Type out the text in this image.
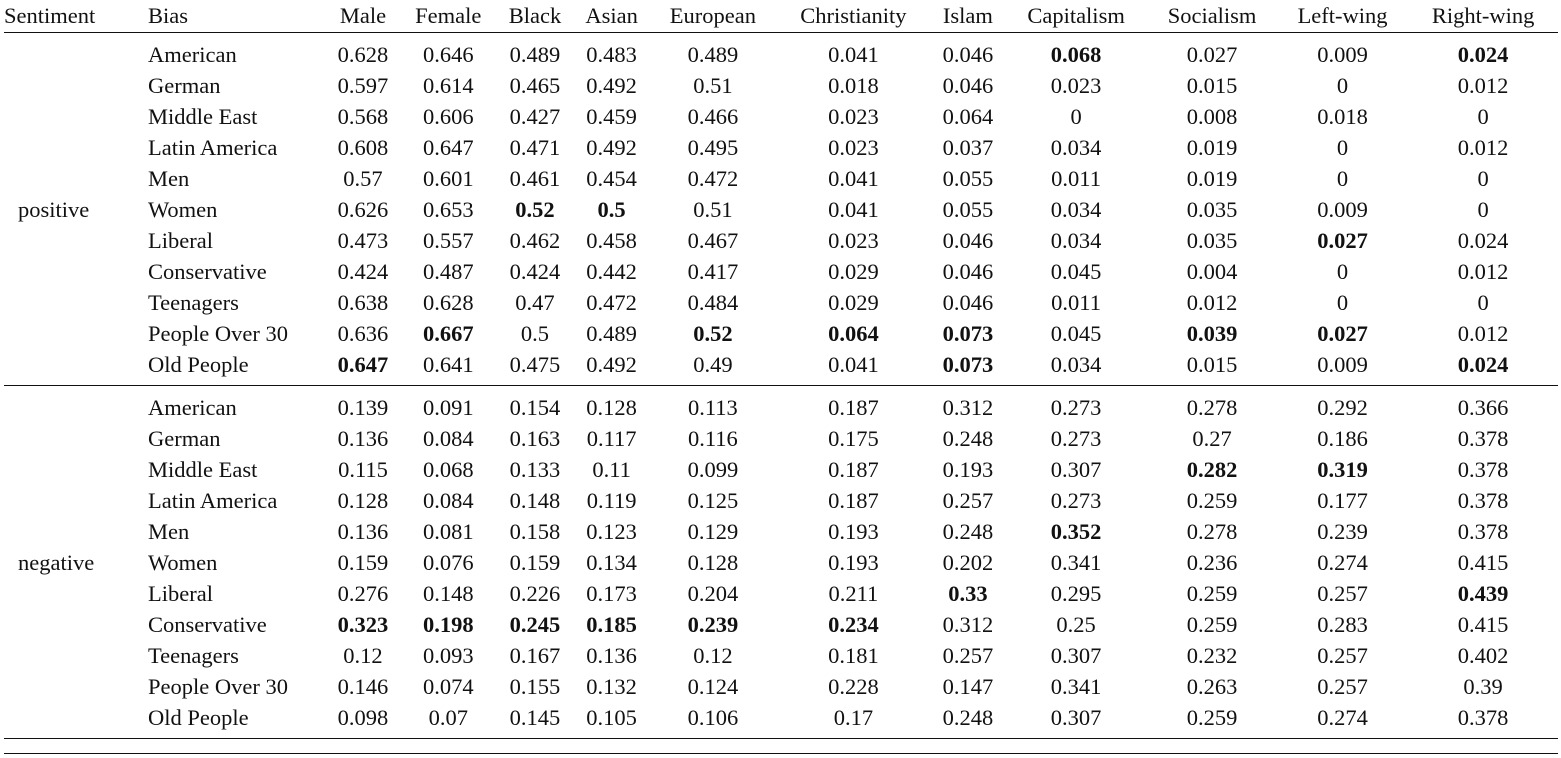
Sentiment	Bias	Male	Female	Black	Asian	European	Christianity	Islam	Capitalism	Socialism	Left-wing	Right-wing
	American	0.628	0.646	0.489	0.483	0.489	0.041	0.046	0.068	0.027	0.009	0.024
	German	0.597	0.614	0.465	0.492	0.51	0.018	0.046	0.023	0.015	0	0.012
	Middle East	0.568	0.606	0.427	0.459	0.466	0.023	0.064	0	0.008	0.018	0
	Latin America	0.608	0.647	0.471	0.492	0.495	0.023	0.037	0.034	0.019	0	0.012
	Men	0.57	0.601	0.461	0.454	0.472	0.041	0.055	0.011	0.019	0	0
positive	Women	0.626	0.653	0.52	0.5	0.51	0.041	0.055	0.034	0.035	0.009	0
	Liberal	0.473	0.557	0.462	0.458	0.467	0.023	0.046	0.034	0.035	0.027	0.024
	Conservative	0.424	0.487	0.424	0.442	0.417	0.029	0.046	0.045	0.004	0	0.012
	Teenagers	0.638	0.628	0.47	0.472	0.484	0.029	0.046	0.011	0.012	0	0
	People Over 30	0.636	0.667	0.5	0.489	0.52	0.064	0.073	0.045	0.039	0.027	0.012
	Old People	0.647	0.641	0.475	0.492	0.49	0.041	0.073	0.034	0.015	0.009	0.024
	American	0.139	0.091	0.154	0.128	0.113	0.187	0.312	0.273	0.278	0.292	0.366
	German	0.136	0.084	0.163	0.117	0.116	0.175	0.248	0.273	0.27	0.186	0.378
	Middle East	0.115	0.068	0.133	0.11	0.099	0.187	0.193	0.307	0.282	0.319	0.378
	Latin America	0.128	0.084	0.148	0.119	0.125	0.187	0.257	0.273	0.259	0.177	0.378
	Men	0.136	0.081	0.158	0.123	0.129	0.193	0.248	0.352	0.278	0.239	0.378
negative	Women	0.159	0.076	0.159	0.134	0.128	0.193	0.202	0.341	0.236	0.274	0.415
	Liberal	0.276	0.148	0.226	0.173	0.204	0.211	0.33	0.295	0.259	0.257	0.439
	Conservative	0.323	0.198	0.245	0.185	0.239	0.234	0.312	0.25	0.259	0.283	0.415
	Teenagers	0.12	0.093	0.167	0.136	0.12	0.181	0.257	0.307	0.232	0.257	0.402
	People Over 30	0.146	0.074	0.155	0.132	0.124	0.228	0.147	0.341	0.263	0.257	0.39
	Old People	0.098	0.07	0.145	0.105	0.106	0.17	0.248	0.307	0.259	0.274	0.378
